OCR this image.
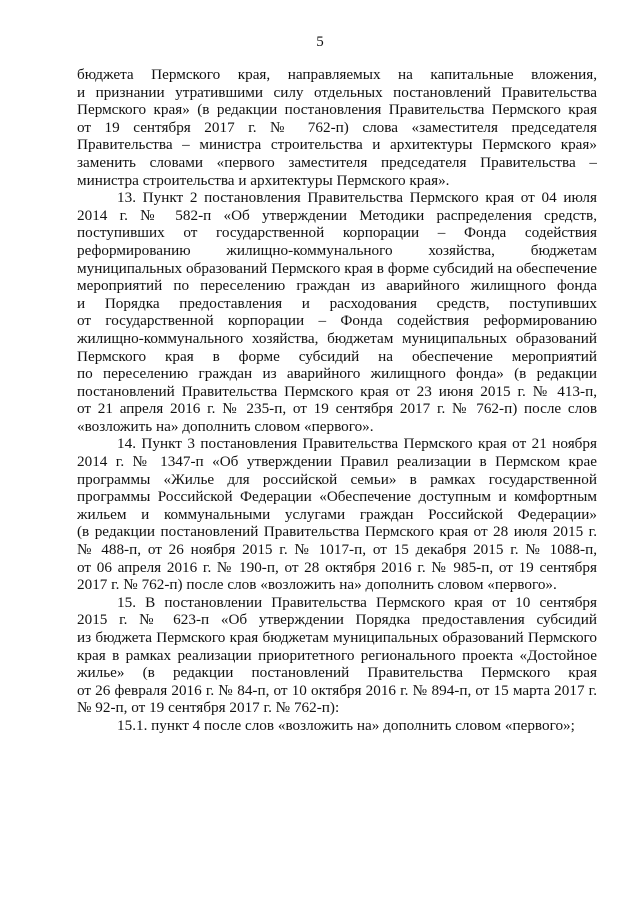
5
бюджета Пермского края, направляемых на капитальные вложения,
и признании утратившими силу отдельных постановлений Правительства
Пермского края» (в редакции постановления Правительства Пермского края
от 19 сентября 2017 г. № 762-п) слова «заместителя председателя
Правительства – министра строительства и архитектуры Пермского края»
заменить словами «первого заместителя председателя Правительства –
министра строительства и архитектуры Пермского края».
13. Пункт 2 постановления Правительства Пермского края от 04 июля
2014 г. № 582-п «Об утверждении Методики распределения средств,
поступивших от государственной корпорации – Фонда содействия
реформированию жилищно-коммунального хозяйства, бюджетам
муниципальных образований Пермского края в форме субсидий на обеспечение
мероприятий по переселению граждан из аварийного жилищного фонда
и Порядка предоставления и расходования средств, поступивших
от государственной корпорации – Фонда содействия реформированию
жилищно-коммунального хозяйства, бюджетам муниципальных образований
Пермского края в форме субсидий на обеспечение мероприятий
по переселению граждан из аварийного жилищного фонда» (в редакции
постановлений Правительства Пермского края от 23 июня 2015 г. № 413-п,
от 21 апреля 2016 г. № 235-п, от 19 сентября 2017 г. № 762-п) после слов
«возложить на» дополнить словом «первого».
14. Пункт 3 постановления Правительства Пермского края от 21 ноября
2014 г. № 1347-п «Об утверждении Правил реализации в Пермском крае
программы «Жилье для российской семьи» в рамках государственной
программы Российской Федерации «Обеспечение доступным и комфортным
жильем и коммунальными услугами граждан Российской Федерации»
(в редакции постановлений Правительства Пермского края от 28 июля 2015 г.
№ 488-п, от 26 ноября 2015 г. № 1017-п, от 15 декабря 2015 г. № 1088-п,
от 06 апреля 2016 г. № 190-п, от 28 октября 2016 г. № 985-п, от 19 сентября
2017 г. № 762-п) после слов «возложить на» дополнить словом «первого».
15. В постановлении Правительства Пермского края от 10 сентября
2015 г. № 623-п «Об утверждении Порядка предоставления субсидий
из бюджета Пермского края бюджетам муниципальных образований Пермского
края в рамках реализации приоритетного регионального проекта «Достойное
жилье» (в редакции постановлений Правительства Пермского края
от 26 февраля 2016 г. № 84-п, от 10 октября 2016 г. № 894-п, от 15 марта 2017 г.
№ 92-п, от 19 сентября 2017 г. № 762-п):
15.1. пункт 4 после слов «возложить на» дополнить словом «первого»;
